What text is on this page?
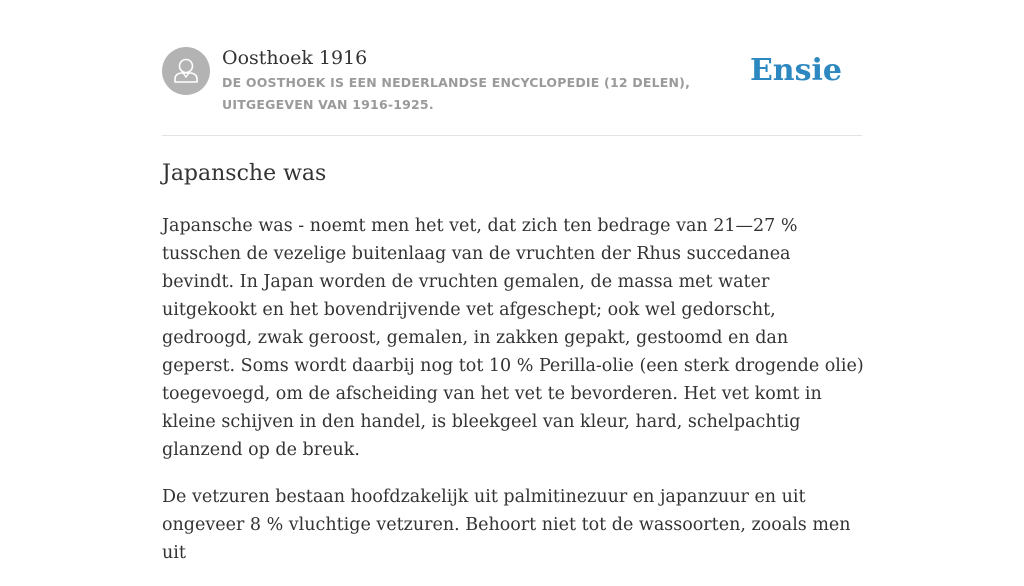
Oosthoek 1916
DE OOSTHOEK IS EEN NEDERLANDSE ENCYCLOPEDIE (12 DELEN), UITGEGEVEN VAN 1916-1925.
Ensie
Japansche was

Japansche was - noemt men het vet, dat zich ten bedrage van 21—27 % tusschen de vezelige buitenlaag van de vruchten der Rhus succedanea bevindt. In Japan worden de vruchten gemalen, de massa met water uitgekookt en het bovendrijvende vet afgeschept; ook wel gedorscht, gedroogd, zwak geroost, gemalen, in zakken gepakt, gestoomd en dan geperst. Soms wordt daarbij nog tot 10 % Perilla-olie (een sterk drogende olie) toegevoegd, om de afscheiding van het vet te bevorderen. Het vet komt in kleine schijven in den handel, is bleekgeel van kleur, hard, schelpachtig glanzend op de breuk.

De vetzuren bestaan hoofdzakelijk uit palmitinezuur en japanzuur en uit ongeveer 8 % vluchtige vetzuren. Behoort niet tot de wassoorten, zooals men uit
